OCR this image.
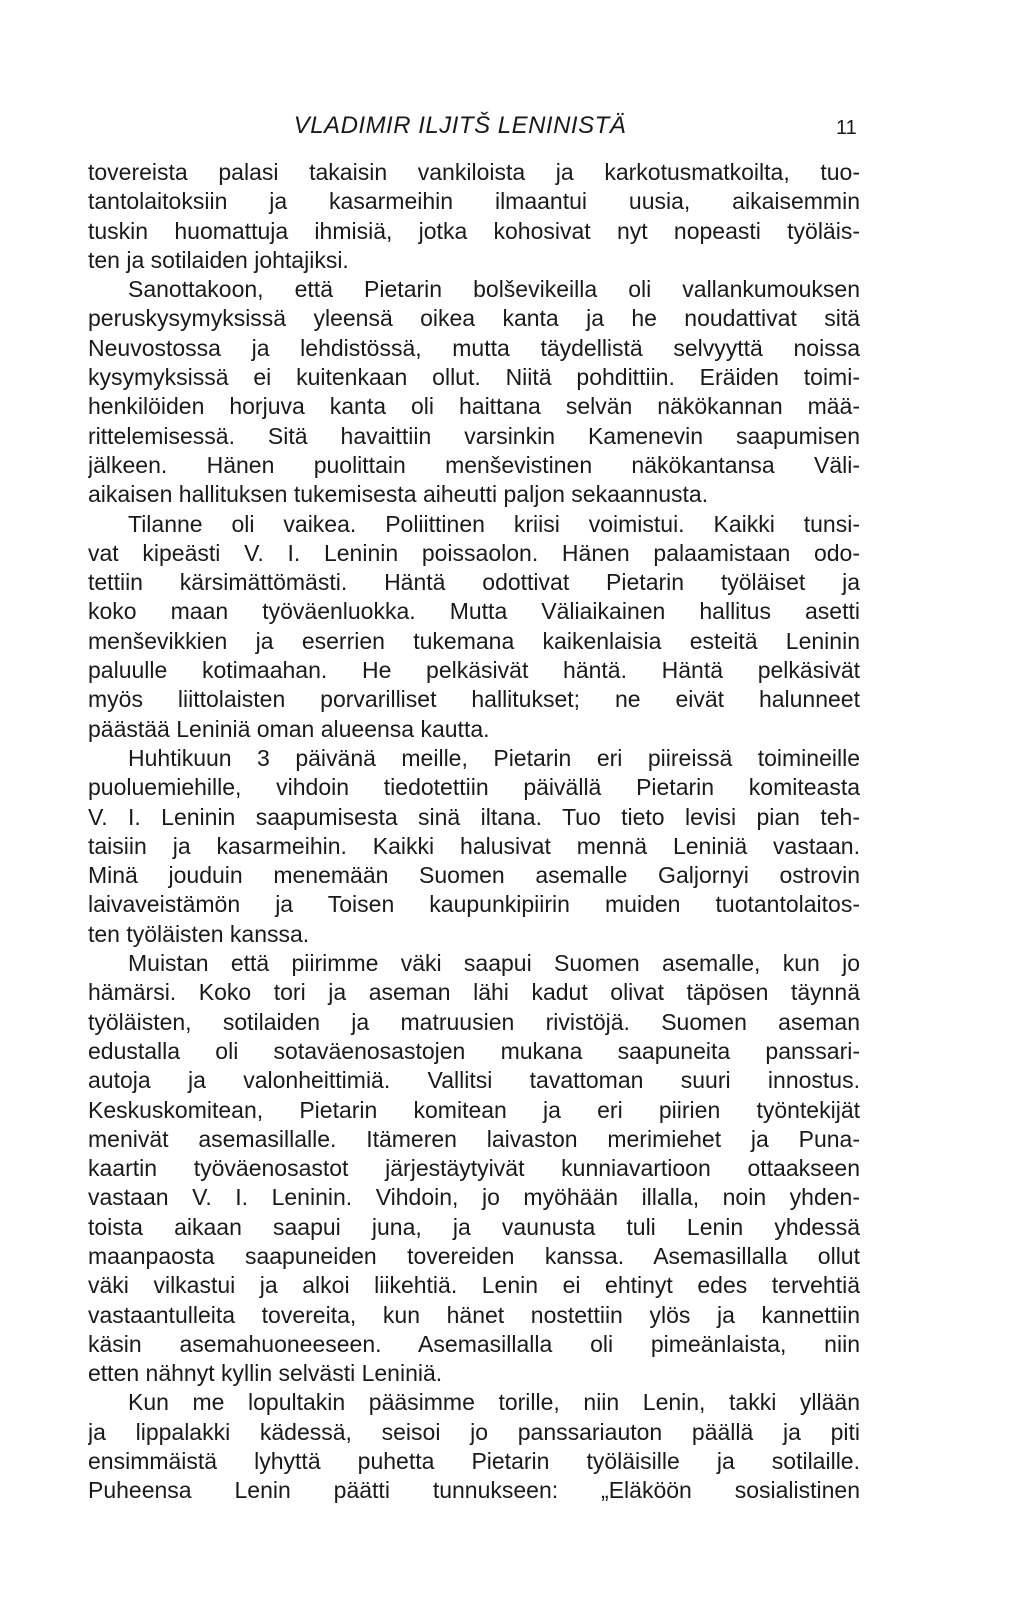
VLADIMIR ILJITŠ LENINISTÄ	11
tovereista palasi takaisin vankiloista ja karkotusmatkoilta, tuo-
tantolaitoksiin ja kasarmeihin ilmaantui uusia, aikaisemmin
tuskin huomattuja ihmisiä, jotka kohosivat nyt nopeasti työläis-
ten ja sotilaiden johtajiksi.
Sanottakoon, että Pietarin bolševikeilla oli vallankumouksen
peruskysymyksissä yleensä oikea kanta ja he noudattivat sitä
Neuvostossa ja lehdistössä, mutta täydellistä selvyyttä noissa
kysymyksissä ei kuitenkaan ollut. Niitä pohdittiin. Eräiden toimi-
henkilöiden horjuva kanta oli haittana selvän näkökannan mää-
rittelemisessä. Sitä havaittiin varsinkin Kamenevin saapumisen
jälkeen. Hänen puolittain menševistinen näkökantansa Väli-
aikaisen hallituksen tukemisesta aiheutti paljon sekaannusta.
Tilanne oli vaikea. Poliittinen kriisi voimistui. Kaikki tunsi-
vat kipeästi V. I. Leninin poissaolon. Hänen palaamistaan odo-
tettiin kärsimättömästi. Häntä odottivat Pietarin työläiset ja
koko maan työväenluokka. Mutta Väliaikainen hallitus asetti
menševikkien ja eserrien tukemana kaikenlaisia esteitä Leninin
paluulle kotimaahan. He pelkäsivät häntä. Häntä pelkäsivät
myös liittolaisten porvarilliset hallitukset; ne eivät halunneet
päästää Leniniä oman alueensa kautta.
Huhtikuun 3 päivänä meille, Pietarin eri piireissä toimineille
puoluemiehille, vihdoin tiedotettiin päivällä Pietarin komiteasta
V. I. Leninin saapumisesta sinä iltana. Tuo tieto levisi pian teh-
taisiin ja kasarmeihin. Kaikki halusivat mennä Leniniä vastaan.
Minä jouduin menemään Suomen asemalle Galjornyi ostrovin
laivaveistämön ja Toisen kaupunkipiirin muiden tuotantolaitos-
ten työläisten kanssa.
Muistan että piirimme väki saapui Suomen asemalle, kun jo
hämärsi. Koko tori ja aseman lähi kadut olivat täpösen täynnä
työläisten, sotilaiden ja matruusien rivistöjä. Suomen aseman
edustalla oli sotaväenosastojen mukana saapuneita panssari-
autoja ja valonheittimiä. Vallitsi tavattoman suuri innostus.
Keskuskomitean, Pietarin komitean ja eri piirien työntekijät
menivät asemasillalle. Itämeren laivaston merimiehet ja Puna-
kaartin työväenosastot järjestäytyivät kunniavartioon ottaakseen
vastaan V. I. Leninin. Vihdoin, jo myöhään illalla, noin yhden-
toista aikaan saapui juna, ja vaunusta tuli Lenin yhdessä
maanpaosta saapuneiden tovereiden kanssa. Asemasillalla ollut
väki vilkastui ja alkoi liikehtiä. Lenin ei ehtinyt edes tervehtiä
vastaantulleita tovereita, kun hänet nostettiin ylös ja kannettiin
käsin asemahuoneeseen. Asemasillalla oli pimeänlaista, niin
etten nähnyt kyllin selvästi Leniniä.
Kun me lopultakin pääsimme torille, niin Lenin, takki yllään
ja lippalakki kädessä, seisoi jo panssariauton päällä ja piti
ensimmäistä lyhyttä puhetta Pietarin työläisille ja sotilaille.
Puheensa Lenin päätti tunnukseen: „Eläköön sosialistinen
